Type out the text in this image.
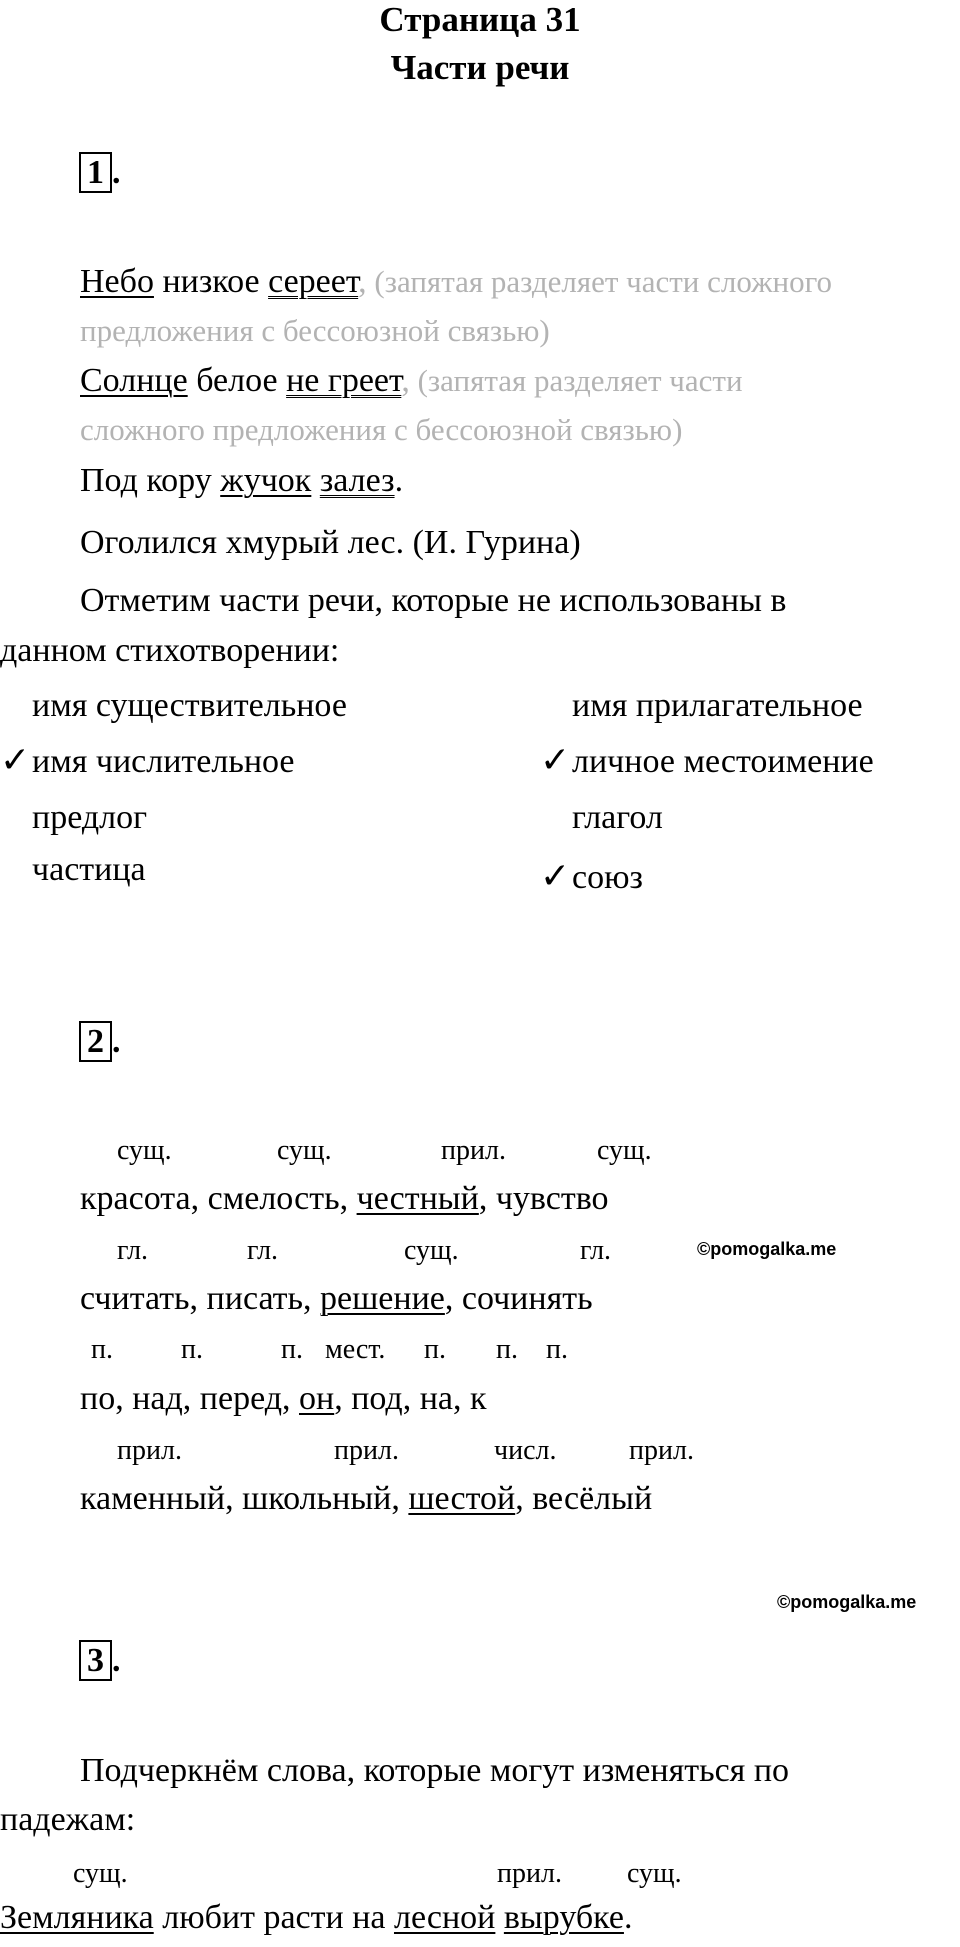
Страница 31
Части речи
1 .
Небо низкое сереет, (запятая разделяет части сложного
предложения с бессоюзной связью)
Солнце белое не греет, (запятая разделяет части
сложного предложения с бессоюзной связью)
Под кору жучок залез.
Оголился хмурый лес. (И. Гурина)
Отметим части речи, которые не использованы в
данном стихотворении:
имя существительное	имя прилагательное
✓ имя числительное	✓ личное местоимение
предлог	глагол
частица	✓ союз
2 .
сущ.	сущ.	прил.	сущ.
красота, смелость, честный, чувство
гл.	гл.	сущ.	гл.	©pomogalka.me
считать, писать, решение, сочинять
п. п.	п. мест. п. п. п.
по, над, перед, он, под, на, к
прил.	прил.	числ.	прил.
каменный, школьный, шестой, весёлый
©pomogalka.me
3 .
Подчеркнём слова, которые могут изменяться по
падежам:
сущ.	прил. сущ.
Земляника любит расти на лесной вырубке.
